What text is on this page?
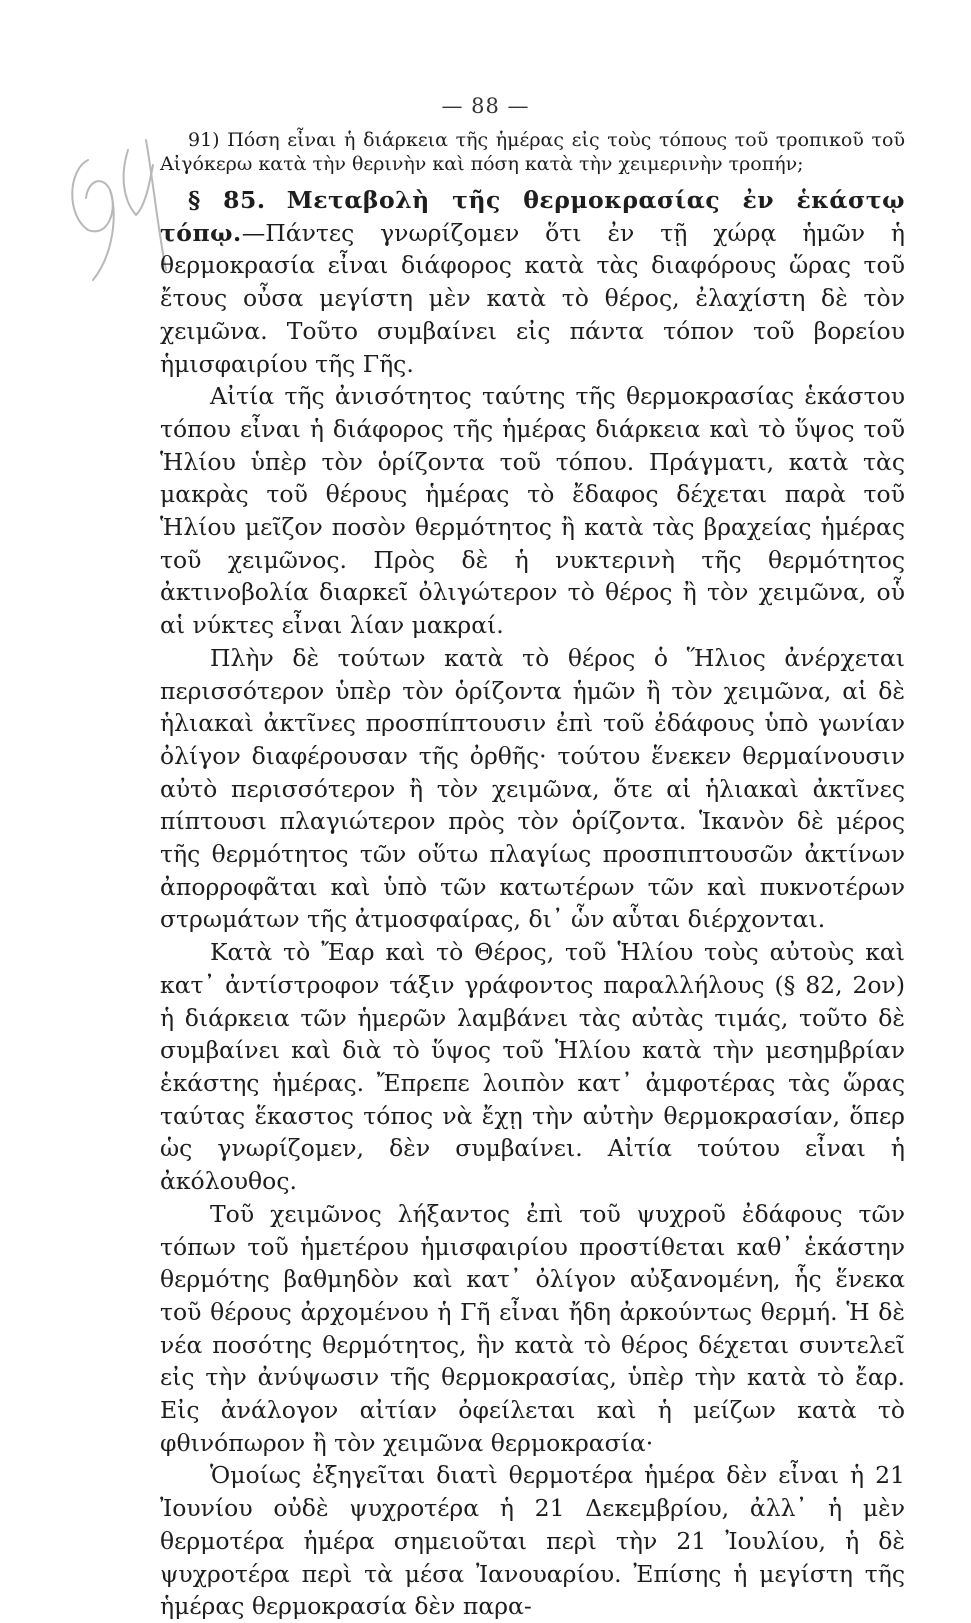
— 88 —

91) Πόση εἶναι ἡ διάρκεια τῆς ἡμέρας εἰς τοὺς τόπους τοῦ τροπικοῦ τοῦ Αἰγόκερω κατὰ τὴν θερινὴν καὶ πόση κατὰ τὴν χειμερινὴν τροπήν;

§ 85. Μεταβολὴ τῆς θερμοκρασίας ἐν ἑκάστῳ τόπῳ.—Πάντες γνωρίζομεν ὅτι ἐν τῇ χώρᾳ ἡμῶν ἡ θερμοκρασία εἶναι διάφορος κατὰ τὰς διαφόρους ὥρας τοῦ ἔτους οὖσα μεγίστη μὲν κατὰ τὸ θέρος, ἐλαχίστη δὲ τὸν χειμῶνα. Τοῦτο συμβαίνει εἰς πάντα τόπον τοῦ βορείου ἡμισφαιρίου τῆς Γῆς.

Αἰτία τῆς ἀνισότητος ταύτης τῆς θερμοκρασίας ἑκάστου τόπου εἶναι ἡ διάφορος τῆς ἡμέρας διάρκεια καὶ τὸ ὕψος τοῦ Ἡλίου ὑπὲρ τὸν ὁρίζοντα τοῦ τόπου. Πράγματι, κατὰ τὰς μακρὰς τοῦ θέρους ἡμέρας τὸ ἔδαφος δέχεται παρὰ τοῦ Ἡλίου μεῖζον ποσὸν θερμότητος ἢ κατὰ τὰς βραχείας ἡμέρας τοῦ χειμῶνος. Πρὸς δὲ ἡ νυκτερινὴ τῆς θερμότητος ἀκτινοβολία διαρκεῖ ὀλιγώτερον τὸ θέρος ἢ τὸν χειμῶνα, οὗ αἱ νύκτες εἶναι λίαν μακραί.

Πλὴν δὲ τούτων κατὰ τὸ θέρος ὁ Ἥλιος ἀνέρχεται περισσότερον ὑπὲρ τὸν ὁρίζοντα ἡμῶν ἢ τὸν χειμῶνα, αἱ δὲ ἡλιακαὶ ἀκτῖνες προσπίπτουσιν ἐπὶ τοῦ ἐδάφους ὑπὸ γωνίαν ὀλίγον διαφέρουσαν τῆς ὀρθῆς· τούτου ἕνεκεν θερμαίνουσιν αὐτὸ περισσότερον ἢ τὸν χειμῶνα, ὅτε αἱ ἡλιακαὶ ἀκτῖνες πίπτουσι πλαγιώτερον πρὸς τὸν ὁρίζοντα. Ἱκανὸν δὲ μέρος τῆς θερμότητος τῶν οὕτω πλαγίως προσπιπτουσῶν ἀκτίνων ἀπορροφᾶται καὶ ὑπὸ τῶν κατωτέρων τῶν καὶ πυκνοτέρων στρωμάτων τῆς ἀτμοσφαίρας, δι᾽ ὧν αὗται διέρχονται.

Κατὰ τὸ Ἔαρ καὶ τὸ Θέρος, τοῦ Ἡλίου τοὺς αὐτοὺς καὶ κατ᾽ ἀντίστροφον τάξιν γράφοντος παραλλήλους (§ 82, 2ον) ἡ διάρκεια τῶν ἡμερῶν λαμβάνει τὰς αὐτὰς τιμάς, τοῦτο δὲ συμβαίνει καὶ διὰ τὸ ὕψος τοῦ Ἡλίου κατὰ τὴν μεσημβρίαν ἑκάστης ἡμέρας. Ἔπρεπε λοιπὸν κατ᾽ ἀμφοτέρας τὰς ὥρας ταύτας ἕκαστος τόπος νὰ ἔχῃ τὴν αὐτὴν θερμοκρασίαν, ὅπερ ὡς γνωρίζομεν, δὲν συμβαίνει. Αἰτία τούτου εἶναι ἡ ἀκόλουθος.

Τοῦ χειμῶνος λήξαντος ἐπὶ τοῦ ψυχροῦ ἐδάφους τῶν τόπων τοῦ ἡμετέρου ἡμισφαιρίου προστίθεται καθ᾽ ἑκάστην θερμότης βαθμηδὸν καὶ κατ᾽ ὀλίγον αὐξανομένη, ἧς ἕνεκα τοῦ θέρους ἀρχομένου ἡ Γῆ εἶναι ἤδη ἀρκούντως θερμή. Ἡ δὲ νέα ποσότης θερμότητος, ἣν κατὰ τὸ θέρος δέχεται συντελεῖ εἰς τὴν ἀνύψωσιν τῆς θερμοκρασίας, ὑπὲρ τὴν κατὰ τὸ ἔαρ. Εἰς ἀνάλογον αἰτίαν ὀφείλεται καὶ ἡ μείζων κατὰ τὸ φθινόπωρον ἢ τὸν χειμῶνα θερμοκρασία·

Ὁμοίως ἐξηγεῖται διατὶ θερμοτέρα ἡμέρα δὲν εἶναι ἡ 21 Ἰουνίου οὐδὲ ψυχροτέρα ἡ 21 Δεκεμβρίου, ἀλλ᾽ ἡ μὲν θερμοτέρα ἡμέρα σημειοῦται περὶ τὴν 21 Ἰουλίου, ἡ δὲ ψυχροτέρα περὶ τὰ μέσα Ἰανουαρίου. Ἐπίσης ἡ μεγίστη τῆς ἡμέρας θερμοκρασία δὲν παρα-
